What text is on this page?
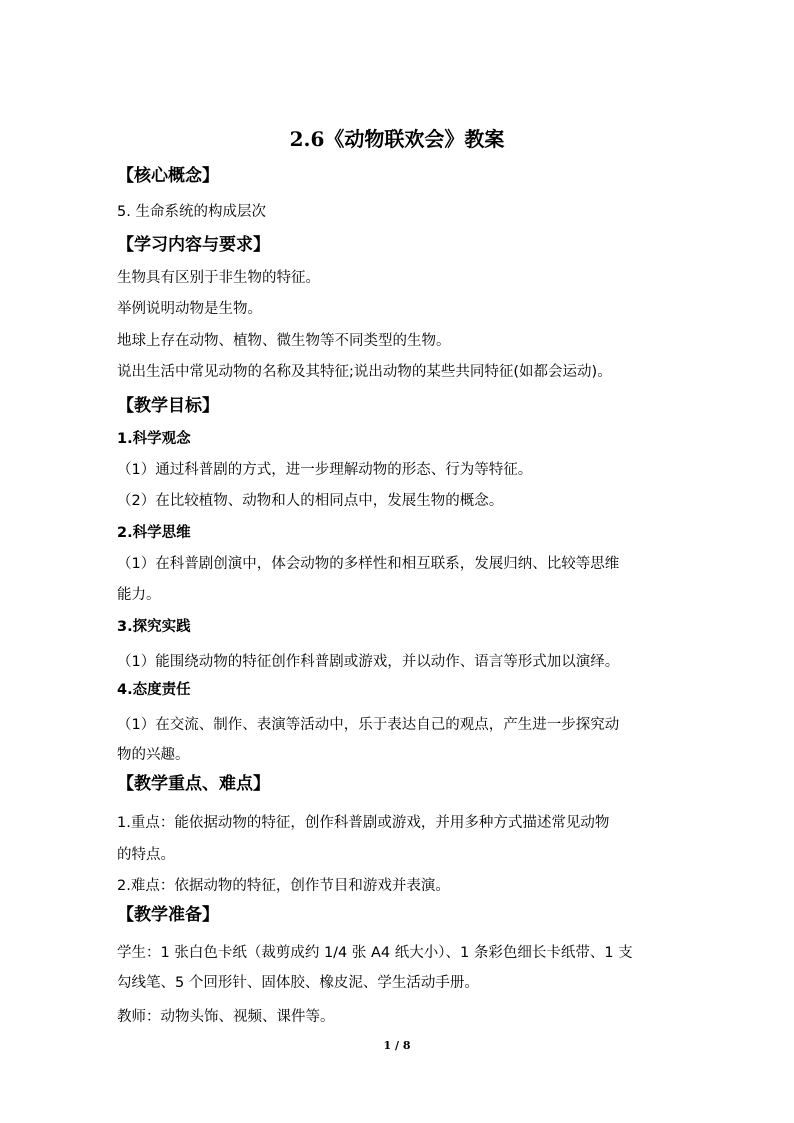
2.6《动物联欢会》教案
【核心概念】
5. 生命系统的构成层次
【学习内容与要求】
生物具有区别于非生物的特征。
举例说明动物是生物。
地球上存在动物、植物、微生物等不同类型的生物。
说出生活中常见动物的名称及其特征;说出动物的某些共同特征(如都会运动)。
【教学目标】
1.科学观念
（1）通过科普剧的方式，进一步理解动物的形态、行为等特征。
（2）在比较植物、动物和人的相同点中，发展生物的概念。
2.科学思维
（1）在科普剧创演中，体会动物的多样性和相互联系，发展归纳、比较等思维
能力。
3.探究实践
（1）能围绕动物的特征创作科普剧或游戏，并以动作、语言等形式加以演绎。
4.态度责任
（1）在交流、制作、表演等活动中，乐于表达自己的观点，产生进一步探究动
物的兴趣。
【教学重点、难点】
1.重点：能依据动物的特征，创作科普剧或游戏，并用多种方式描述常见动物
的特点。
2.难点：依据动物的特征，创作节目和游戏并表演。
【教学准备】
学生：1 张白色卡纸（裁剪成约 1/4 张 A4 纸大小）、1 条彩色细长卡纸带、1 支
勾线笔、5 个回形针、固体胶、橡皮泥、学生活动手册。
教师：动物头饰、视频、课件等。
1 / 8
